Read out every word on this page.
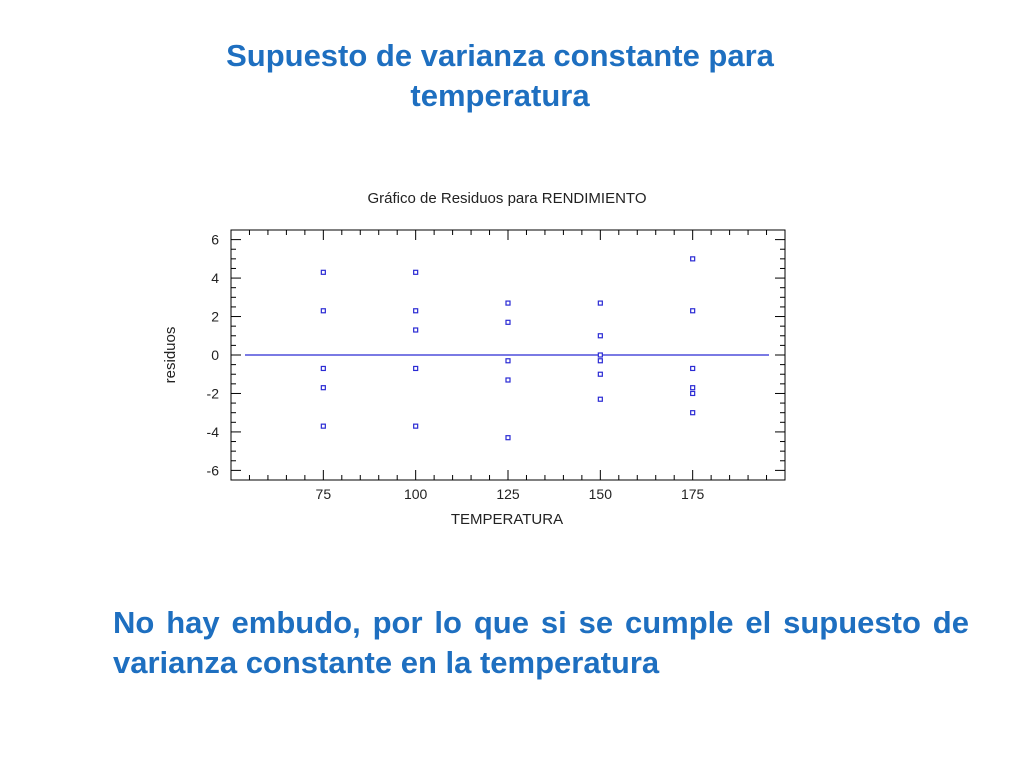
Supuesto de varianza constante para temperatura
Gráfico de Residuos para RENDIMIENTO
6
4
2
0
-2
-4
-6
75	100	125	150	175
TEMPERATURA
residuos

No hay embudo, por lo que si se cumple el supuesto de varianza constante en la temperatura
